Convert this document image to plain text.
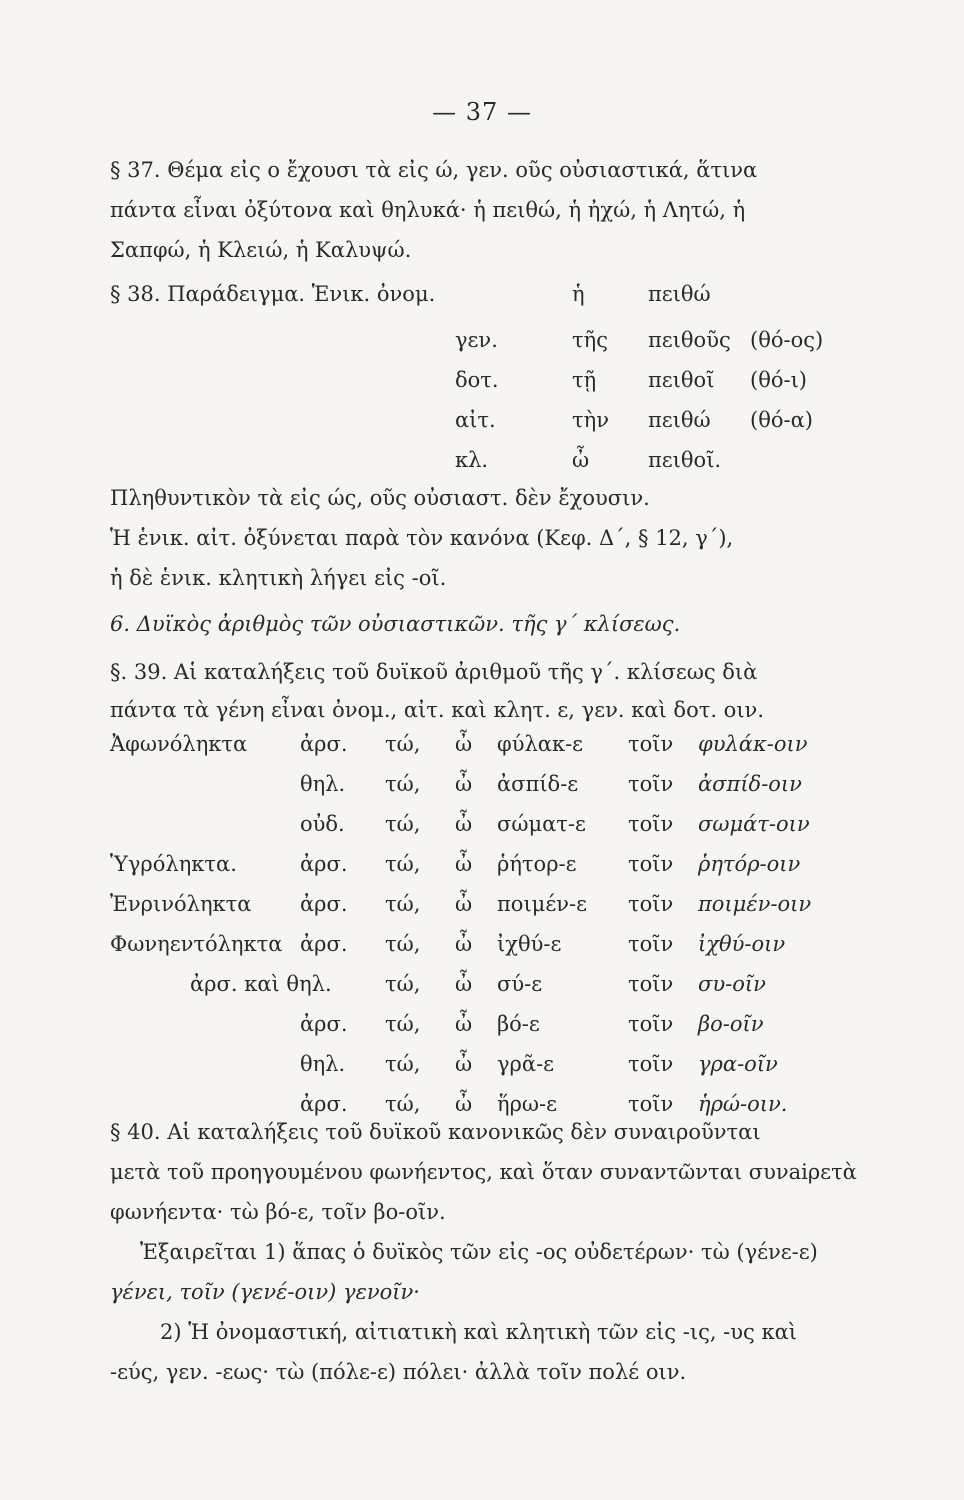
— 37 —
§ 37. Θέμα εἰς ο ἔχουσι τὰ εἰς ώ, γεν. οῦς οὐσιαστικά, ἅτινα
πάντα εἶναι ὀξύτονα καὶ θηλυκά· ἡ πειθώ, ἡ ἠχώ, ἡ Λητώ, ἡ
Σαπφώ, ἡ Κλειώ, ἡ Καλυψώ.
§ 38. Παράδειγμα. Ἑνικ. ὀνομ.	ἡ	πειθώ
γεν.	τῆς πειθοῦς (θό-ος)
δοτ.	τῇ πειθοῖ (θό-ι)
αἰτ.	τὴν πειθώ (θό-α)
κλ.	ὦ	πειθοῖ.
Πληθυντικὸν τὰ εἰς ώς, οῦς οὐσιαστ. δὲν ἔχουσιν.
Ἡ ἑνικ. αἰτ. ὀξύνεται παρὰ τὸν κανόνα (Κεφ. Δ΄, § 12, γ΄),
ἡ δὲ ἑνικ. κλητικὴ λήγει εἰς -οῖ.
6. Δυϊκὸς ἀριθμὸς τῶν οὐσιαστικῶν. τῆς γ΄ κλίσεως.
§. 39. Αἱ καταλήξεις τοῦ δυϊκοῦ ἀριθμοῦ τῆς γ΄. κλίσεως διὰ
πάντα τὰ γένη εἶναι ὀνομ., αἰτ. καὶ κλητ. ε, γεν. καὶ δοτ. οιν.
Ἀφωνόληκτα	ἀρσ. τώ, ὦ φύλακ-ε τοῖν φυλάκ-οιν
θηλ. τώ, ὦ ἀσπίδ-ε τοῖν ἀσπίδ-οιν
οὐδ. τώ, ὦ σώματ-ε τοῖν σωμάτ-οιν
Ὑγρόληκτα.	ἀρσ. τώ, ὦ ῥήτορ-ε τοῖν ῥητόρ-οιν
Ἐνρινόληκτα ἀρσ. τώ, ὦ ποιμέν-ε τοῖν ποιμέν-οιν
Φωνηεντόληκτα ἀρσ. τώ, ὦ ἰχθύ-ε	τοῖν ἰχθύ-οιν
ἀρσ. καὶ θηλ.	τώ, ὦ σύ-ε	τοῖν συ-οῖν
ἀρσ. τώ, ὦ βό-ε	τοῖν βο-οῖν
θηλ. τώ, ὦ γρᾶ-ε	τοῖν γρα-οῖν
ἀρσ. τώ, ὦ ἥρω-ε	τοῖν ἡρώ-οιν.
§ 40. Αἱ καταλήξεις τοῦ δυϊκοῦ κανονικῶς δὲν συναιροῦνται
μετὰ τοῦ προηγουμένου φωνήεντος, καὶ ὅταν συναντῶνται συνaiρετὰ
φωνήεντα· τὼ βό-ε, τοῖν βο-οῖν.
Ἐξαιρεῖται 1) ἅπας ὁ δυϊκὸς τῶν εἰς -ος οὐδετέρων· τὼ (γένε-ε)
γένει, τοῖν (γενέ-οιν) γενοῖν·
2) Ἡ ὀνομαστική, αἰτιατικὴ καὶ κλητικὴ τῶν εἰς -ις, -υς καὶ
-εύς, γεν. -εως· τὼ (πόλε-ε) πόλει· ἀλλὰ τοῖν πολέ οιν.
